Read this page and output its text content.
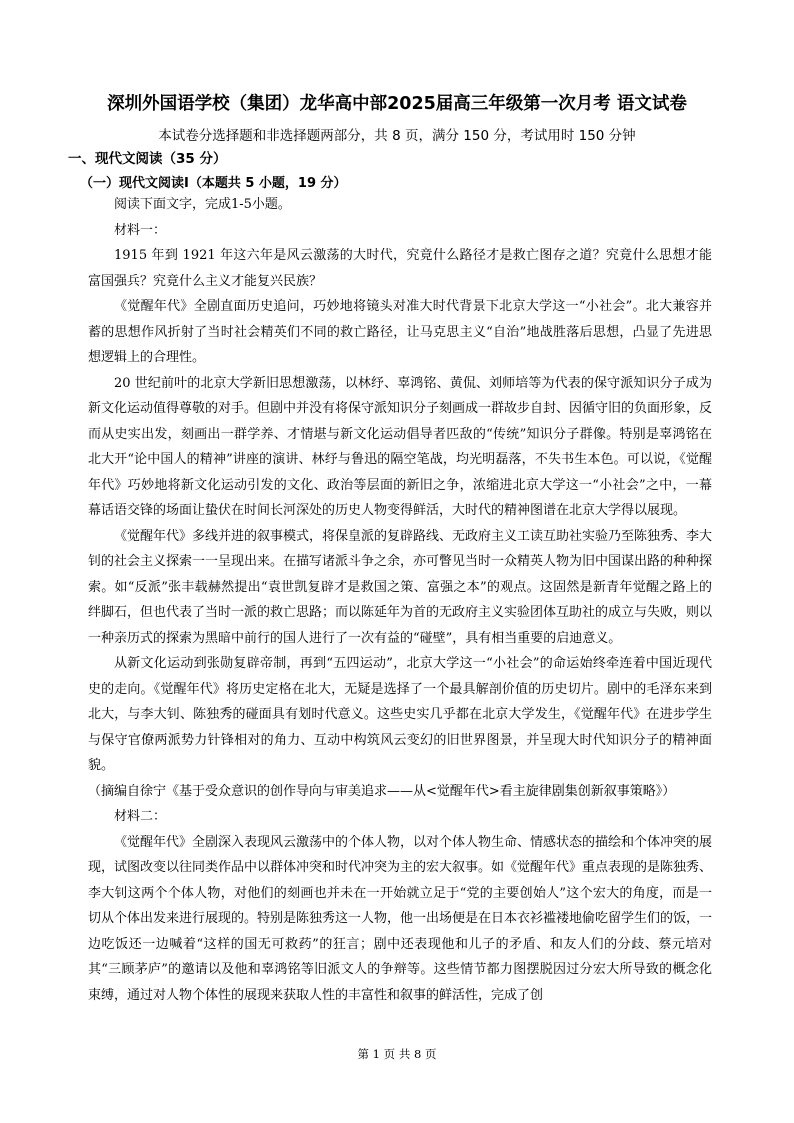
深圳外国语学校（集团）龙华高中部2025届高三年级第一次月考 语文试卷
本试卷分选择题和非选择题两部分，共 8 页，满分 150 分，考试用时 150 分钟
一、现代文阅读（35 分）
（一）现代文阅读Ⅰ（本题共 5 小题，19 分）

阅读下面文字，完成1-5小题。

材料一：

1915 年到 1921 年这六年是风云激荡的大时代，究竟什么路径才是救亡图存之道？究竟什么思想才能富国强兵？究竟什么主义才能复兴民族？

《觉醒年代》全剧直面历史追问，巧妙地将镜头对准大时代背景下北京大学这一“小社会”。北大兼容并蓄的思想作风折射了当时社会精英们不同的救亡路径，让马克思主义“自治”地战胜落后思想，凸显了先进思想逻辑上的合理性。

20 世纪前叶的北京大学新旧思想激荡，以林纾、辜鸿铭、黄侃、刘师培等为代表的保守派知识分子成为新文化运动值得尊敬的对手。但剧中并没有将保守派知识分子刻画成一群故步自封、因循守旧的负面形象，反而从史实出发，刻画出一群学养、才情堪与新文化运动倡导者匹敌的“传统”知识分子群像。特别是辜鸿铭在北大开“论中国人的精神”讲座的演讲、林纾与鲁迅的隔空笔战，均光明磊落，不失书生本色。可以说，《觉醒年代》巧妙地将新文化运动引发的文化、政治等层面的新旧之争，浓缩进北京大学这一“小社会”之中，一幕幕话语交锋的场面让蛰伏在时间长河深处的历史人物变得鲜活，大时代的精神图谱在北京大学得以展现。

《觉醒年代》多线并进的叙事模式，将保皇派的复辟路线、无政府主义工读互助社实验乃至陈独秀、李大钊的社会主义探索一一呈现出来。在描写诸派斗争之余，亦可瞥见当时一众精英人物为旧中国谋出路的种种探索。如“反派”张丰载赫然提出“袁世凯复辟才是救国之策、富强之本”的观点。这固然是新青年觉醒之路上的绊脚石，但也代表了当时一派的救亡思路；而以陈延年为首的无政府主义实验团体互助社的成立与失败，则以一种亲历式的探索为黑暗中前行的国人进行了一次有益的“碰壁”，具有相当重要的启迪意义。

从新文化运动到张勋复辟帝制，再到“五四运动”，北京大学这一“小社会”的命运始终牵连着中国近现代史的走向。《觉醒年代》将历史定格在北大，无疑是选择了一个最具解剖价值的历史切片。剧中的毛泽东来到北大，与李大钊、陈独秀的碰面具有划时代意义。这些史实几乎都在北京大学发生，《觉醒年代》在进步学生与保守官僚两派势力针锋相对的角力、互动中构筑风云变幻的旧世界图景，并呈现大时代知识分子的精神面貌。

（摘编自徐宁《基于受众意识的创作导向与审美追求——从<觉醒年代>看主旋律剧集创新叙事策略》）

材料二：

《觉醒年代》全剧深入表现风云激荡中的个体人物，以对个体人物生命、情感状态的描绘和个体冲突的展现，试图改变以往同类作品中以群体冲突和时代冲突为主的宏大叙事。如《觉醒年代》重点表现的是陈独秀、李大钊这两个个体人物，对他们的刻画也并未在一开始就立足于“党的主要创始人”这个宏大的角度，而是一切从个体出发来进行展现的。特别是陈独秀这一人物，他一出场便是在日本衣衫褴褛地偷吃留学生们的饭，一边吃饭还一边喊着“这样的国无可救药”的狂言；剧中还表现他和儿子的矛盾、和友人们的分歧、蔡元培对其“三顾茅庐”的邀请以及他和辜鸿铭等旧派文人的争辩等。这些情节都力图摆脱因过分宏大所导致的概念化束缚，通过对人物个体性的展现来获取人性的丰富性和叙事的鲜活性，完成了创

第 1 页 共 8 页
